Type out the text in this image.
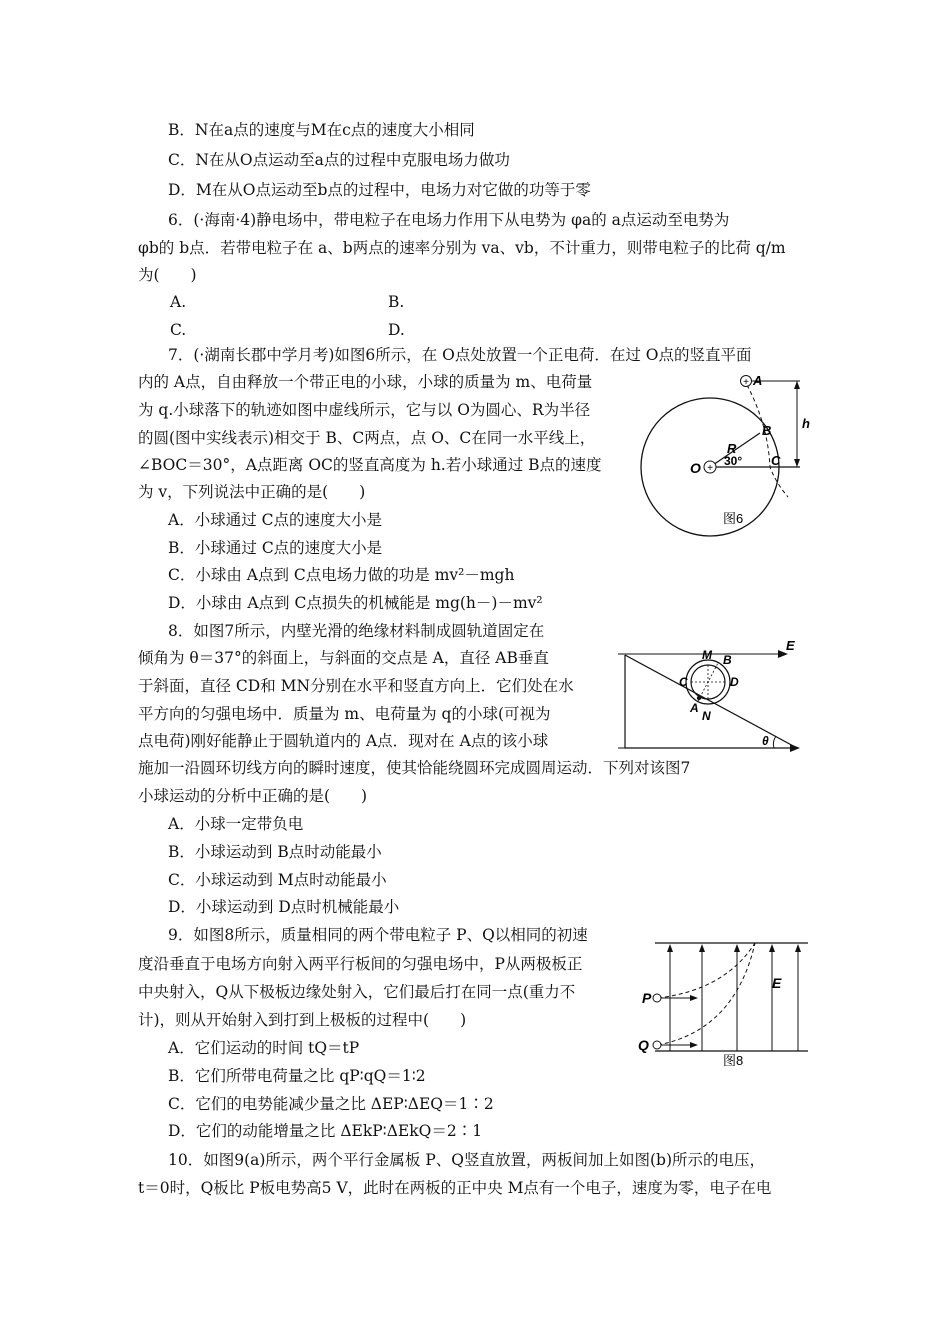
B．N在a点的速度与M在c点的速度大小相同
C．N在从O点运动至a点的过程中克服电场力做功
D．M在从O点运动至b点的过程中，电场力对它做的功等于零
6．(·海南·4)静电场中，带电粒子在电场力作用下从电势为 φa的 a点运动至电势为
φb的 b点．若带电粒子在 a、b两点的速率分别为 va、vb，不计重力，则带电粒子的比荷 q/m
为(　　)
A.	B.
C.	D.
7．(·湖南长郡中学月考)如图6所示，在 O点处放置一个正电荷．在过 O点的竖直平面
内的 A点，自由释放一个带正电的小球，小球的质量为 m、电荷量
为 q.小球落下的轨迹如图中虚线所示，它与以 O为圆心、R为半径
的圆(图中实线表示)相交于 B、C两点，点 O、C在同一水平线上，
∠BOC＝30°，A点距离 OC的竖直高度为 h.若小球通过 B点的速度
为 v，下列说法中正确的是(　　)
A．小球通过 C点的速度大小是
B．小球通过 C点的速度大小是
C．小球由 A点到 C点电场力做的功是 mv²－mgh
D．小球由 A点到 C点损失的机械能是 mg(h－)－mv²
+
+
A
h
B
R
O 30° C
图6
8．如图7所示，内壁光滑的绝缘材料制成圆轨道固定在
倾角为 θ＝37°的斜面上，与斜面的交点是 A，直径 AB垂直
于斜面，直径 CD和 MN分别在水平和竖直方向上．它们处在水
平方向的匀强电场中．质量为 m、电荷量为 q的小球(可视为
点电荷)刚好能静止于圆轨道内的 A点．现对在 A点的该小球
施加一沿圆环切线方向的瞬时速度，使其恰能绕圆环完成圆周运动．下列对该图7
小球运动的分析中正确的是(　　)
A．小球一定带负电
B．小球运动到 B点时动能最小
C．小球运动到 M点时动能最小
D．小球运动到 D点时机械能最小
E
M B
C	D
A
N
θ
9．如图8所示，质量相同的两个带电粒子 P、Q以相同的初速
度沿垂直于电场方向射入两平行板间的匀强电场中，P从两极板正
中央射入，Q从下极板边缘处射入，它们最后打在同一点(重力不
计)，则从开始射入到打到上极板的过程中(　　)
A．它们运动的时间 tQ＝tP
B．它们所带电荷量之比 qP∶qQ＝1∶2
C．它们的电势能减少量之比 ΔEP∶ΔEQ＝1∶2
D．它们的动能增量之比 ΔEkP∶ΔEkQ＝2∶1
P
Q
E
图8
10．如图9(a)所示，两个平行金属板 P、Q竖直放置，两板间加上如图(b)所示的电压，
t＝0时，Q板比 P板电势高5 V，此时在两板的正中央 M点有一个电子，速度为零，电子在电
